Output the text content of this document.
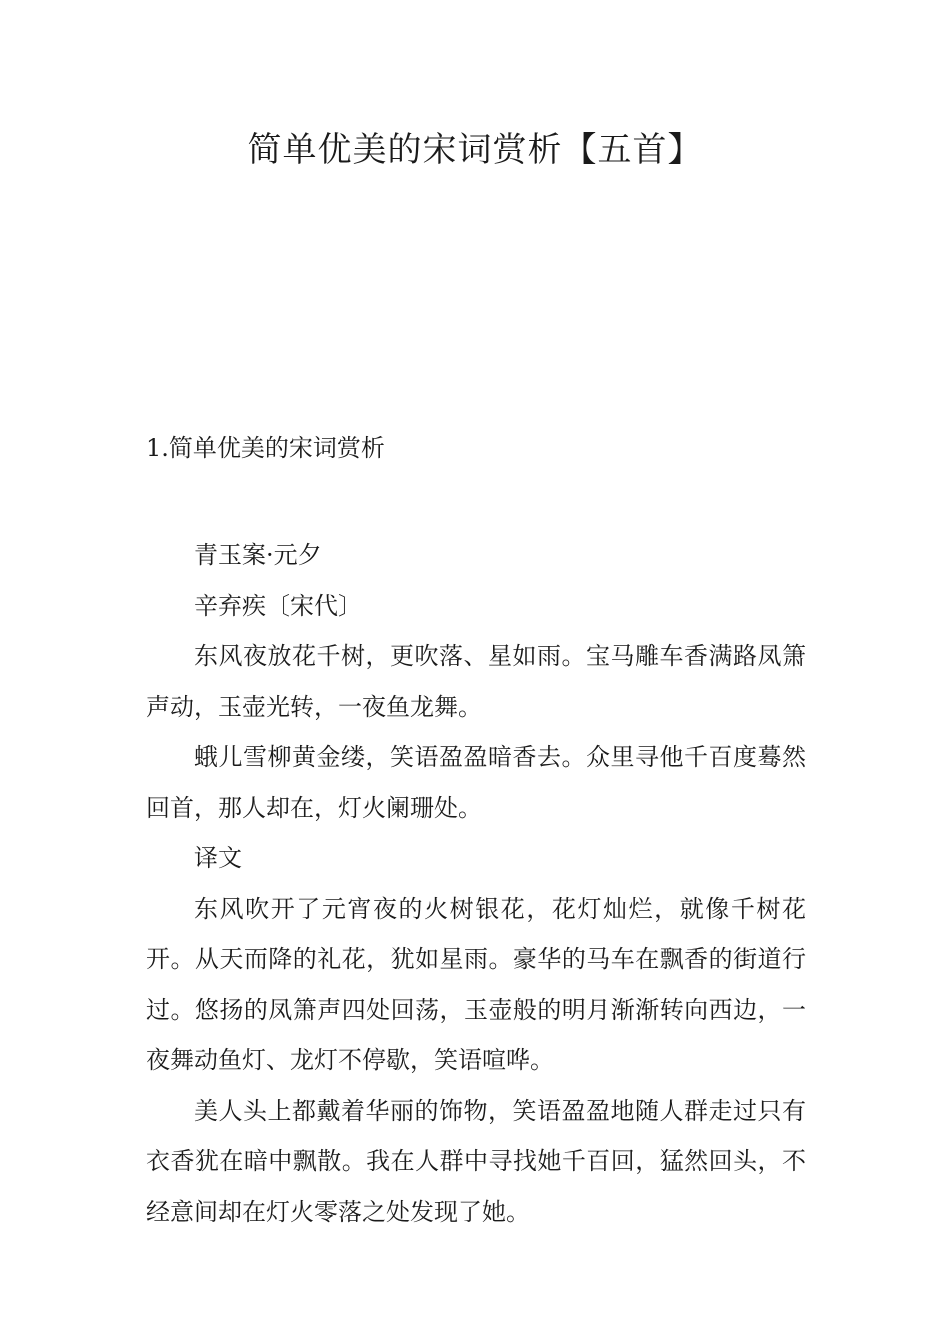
简单优美的宋词赏析【五首】
1.简单优美的宋词赏析

青玉案·元夕

辛弃疾〔宋代〕

东风夜放花千树，更吹落、星如雨。宝马雕车香满路凤箫声动，玉壶光转，一夜鱼龙舞。

蛾儿雪柳黄金缕，笑语盈盈暗香去。众里寻他千百度蓦然回首，那人却在，灯火阑珊处。

译文

东风吹开了元宵夜的火树银花，花灯灿烂，就像千树花开。从天而降的礼花，犹如星雨。豪华的马车在飘香的街道行过。悠扬的凤箫声四处回荡，玉壶般的明月渐渐转向西边，一夜舞动鱼灯、龙灯不停歇，笑语喧哗。

美人头上都戴着华丽的饰物，笑语盈盈地随人群走过只有衣香犹在暗中飘散。我在人群中寻找她千百回，猛然回头，不经意间却在灯火零落之处发现了她。
